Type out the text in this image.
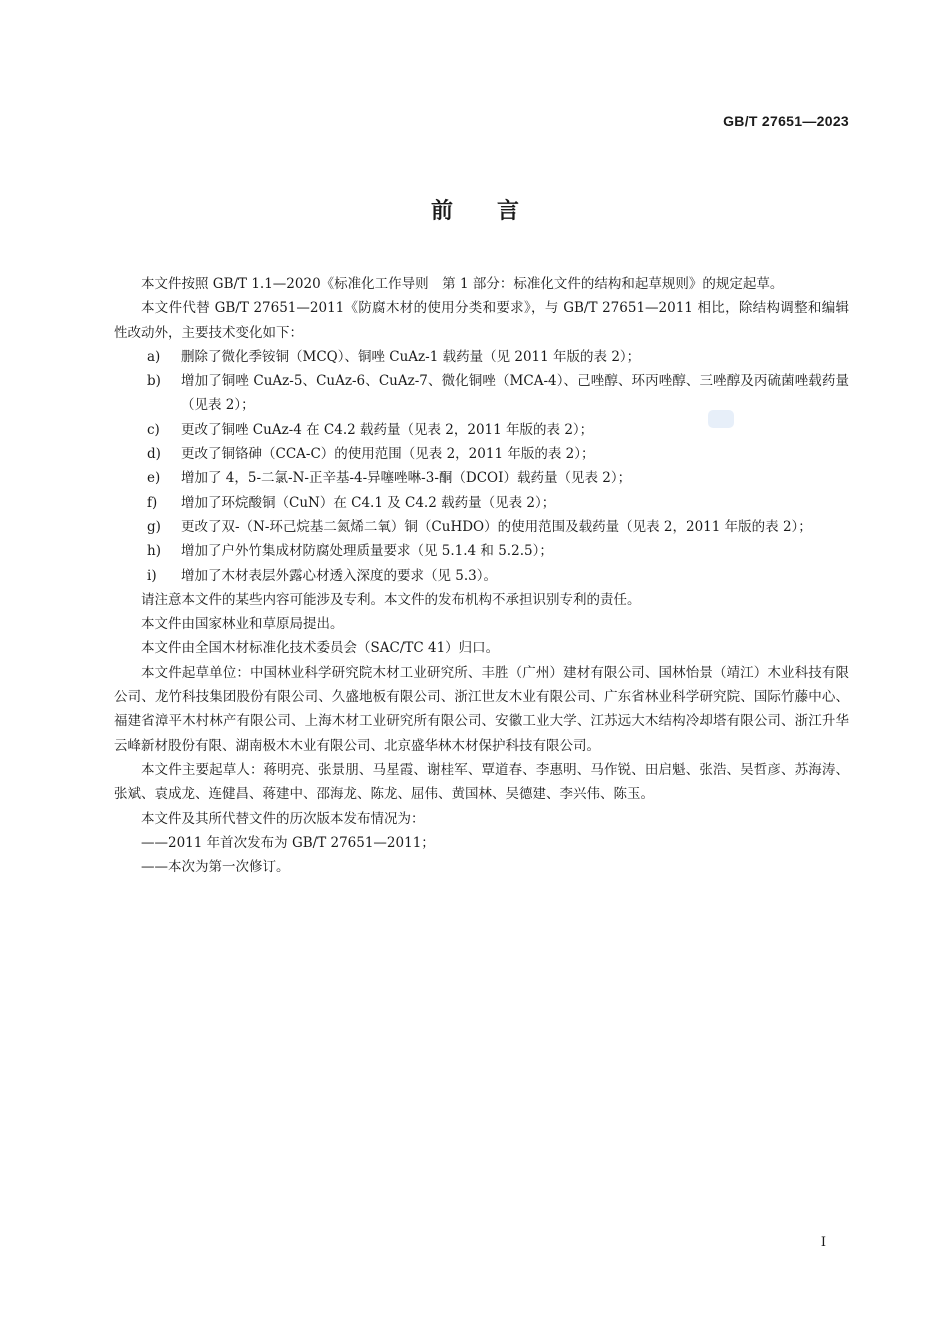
GB/T 27651—2023
前 言

本文件按照 GB/T 1.1—2020《标准化工作导则　第 1 部分：标准化文件的结构和起草规则》的规定起草。

本文件代替 GB/T 27651—2011《防腐木材的使用分类和要求》，与 GB/T 27651—2011 相比，除结构调整和编辑性改动外，主要技术变化如下：

a) 删除了微化季铵铜（MCQ）、铜唑 CuAz-1 载药量（见 2011 年版的表 2）；

b) 增加了铜唑 CuAz-5、CuAz-6、CuAz-7、微化铜唑（MCA-4）、己唑醇、环丙唑醇、三唑醇及丙硫菌唑载药量（见表 2）；

c) 更改了铜唑 CuAz-4 在 C4.2 载药量（见表 2，2011 年版的表 2）；

d) 更改了铜铬砷（CCA-C）的使用范围（见表 2，2011 年版的表 2）；

e) 增加了 4，5-二氯-N-正辛基-4-异噻唑啉-3-酮（DCOI）载药量（见表 2）；

f) 增加了环烷酸铜（CuN）在 C4.1 及 C4.2 载药量（见表 2）；

g) 更改了双-（N-环己烷基二氮烯二氧）铜（CuHDO）的使用范围及载药量（见表 2，2011 年版的表 2）；

h) 增加了户外竹集成材防腐处理质量要求（见 5.1.4 和 5.2.5）；

i) 增加了木材表层外露心材透入深度的要求（见 5.3）。

请注意本文件的某些内容可能涉及专利。本文件的发布机构不承担识别专利的责任。

本文件由国家林业和草原局提出。

本文件由全国木材标准化技术委员会（SAC/TC 41）归口。

本文件起草单位：中国林业科学研究院木材工业研究所、丰胜（广州）建材有限公司、国林怡景（靖江）木业科技有限公司、龙竹科技集团股份有限公司、久盛地板有限公司、浙江世友木业有限公司、广东省林业科学研究院、国际竹藤中心、福建省漳平木村林产有限公司、上海木材工业研究所有限公司、安徽工业大学、江苏远大木结构冷却塔有限公司、浙江升华云峰新材股份有限、湖南极木木业有限公司、北京盛华林木材保护科技有限公司。

本文件主要起草人：蒋明亮、张景朋、马星霞、谢桂军、覃道春、李惠明、马作锐、田启魁、张浩、吴哲彦、苏海涛、张斌、袁成龙、连健昌、蒋建中、邵海龙、陈龙、屈伟、黄国林、吴德建、李兴伟、陈玉。

本文件及其所代替文件的历次版本发布情况为：

——2011 年首次发布为 GB/T 27651—2011；

——本次为第一次修订。

I
